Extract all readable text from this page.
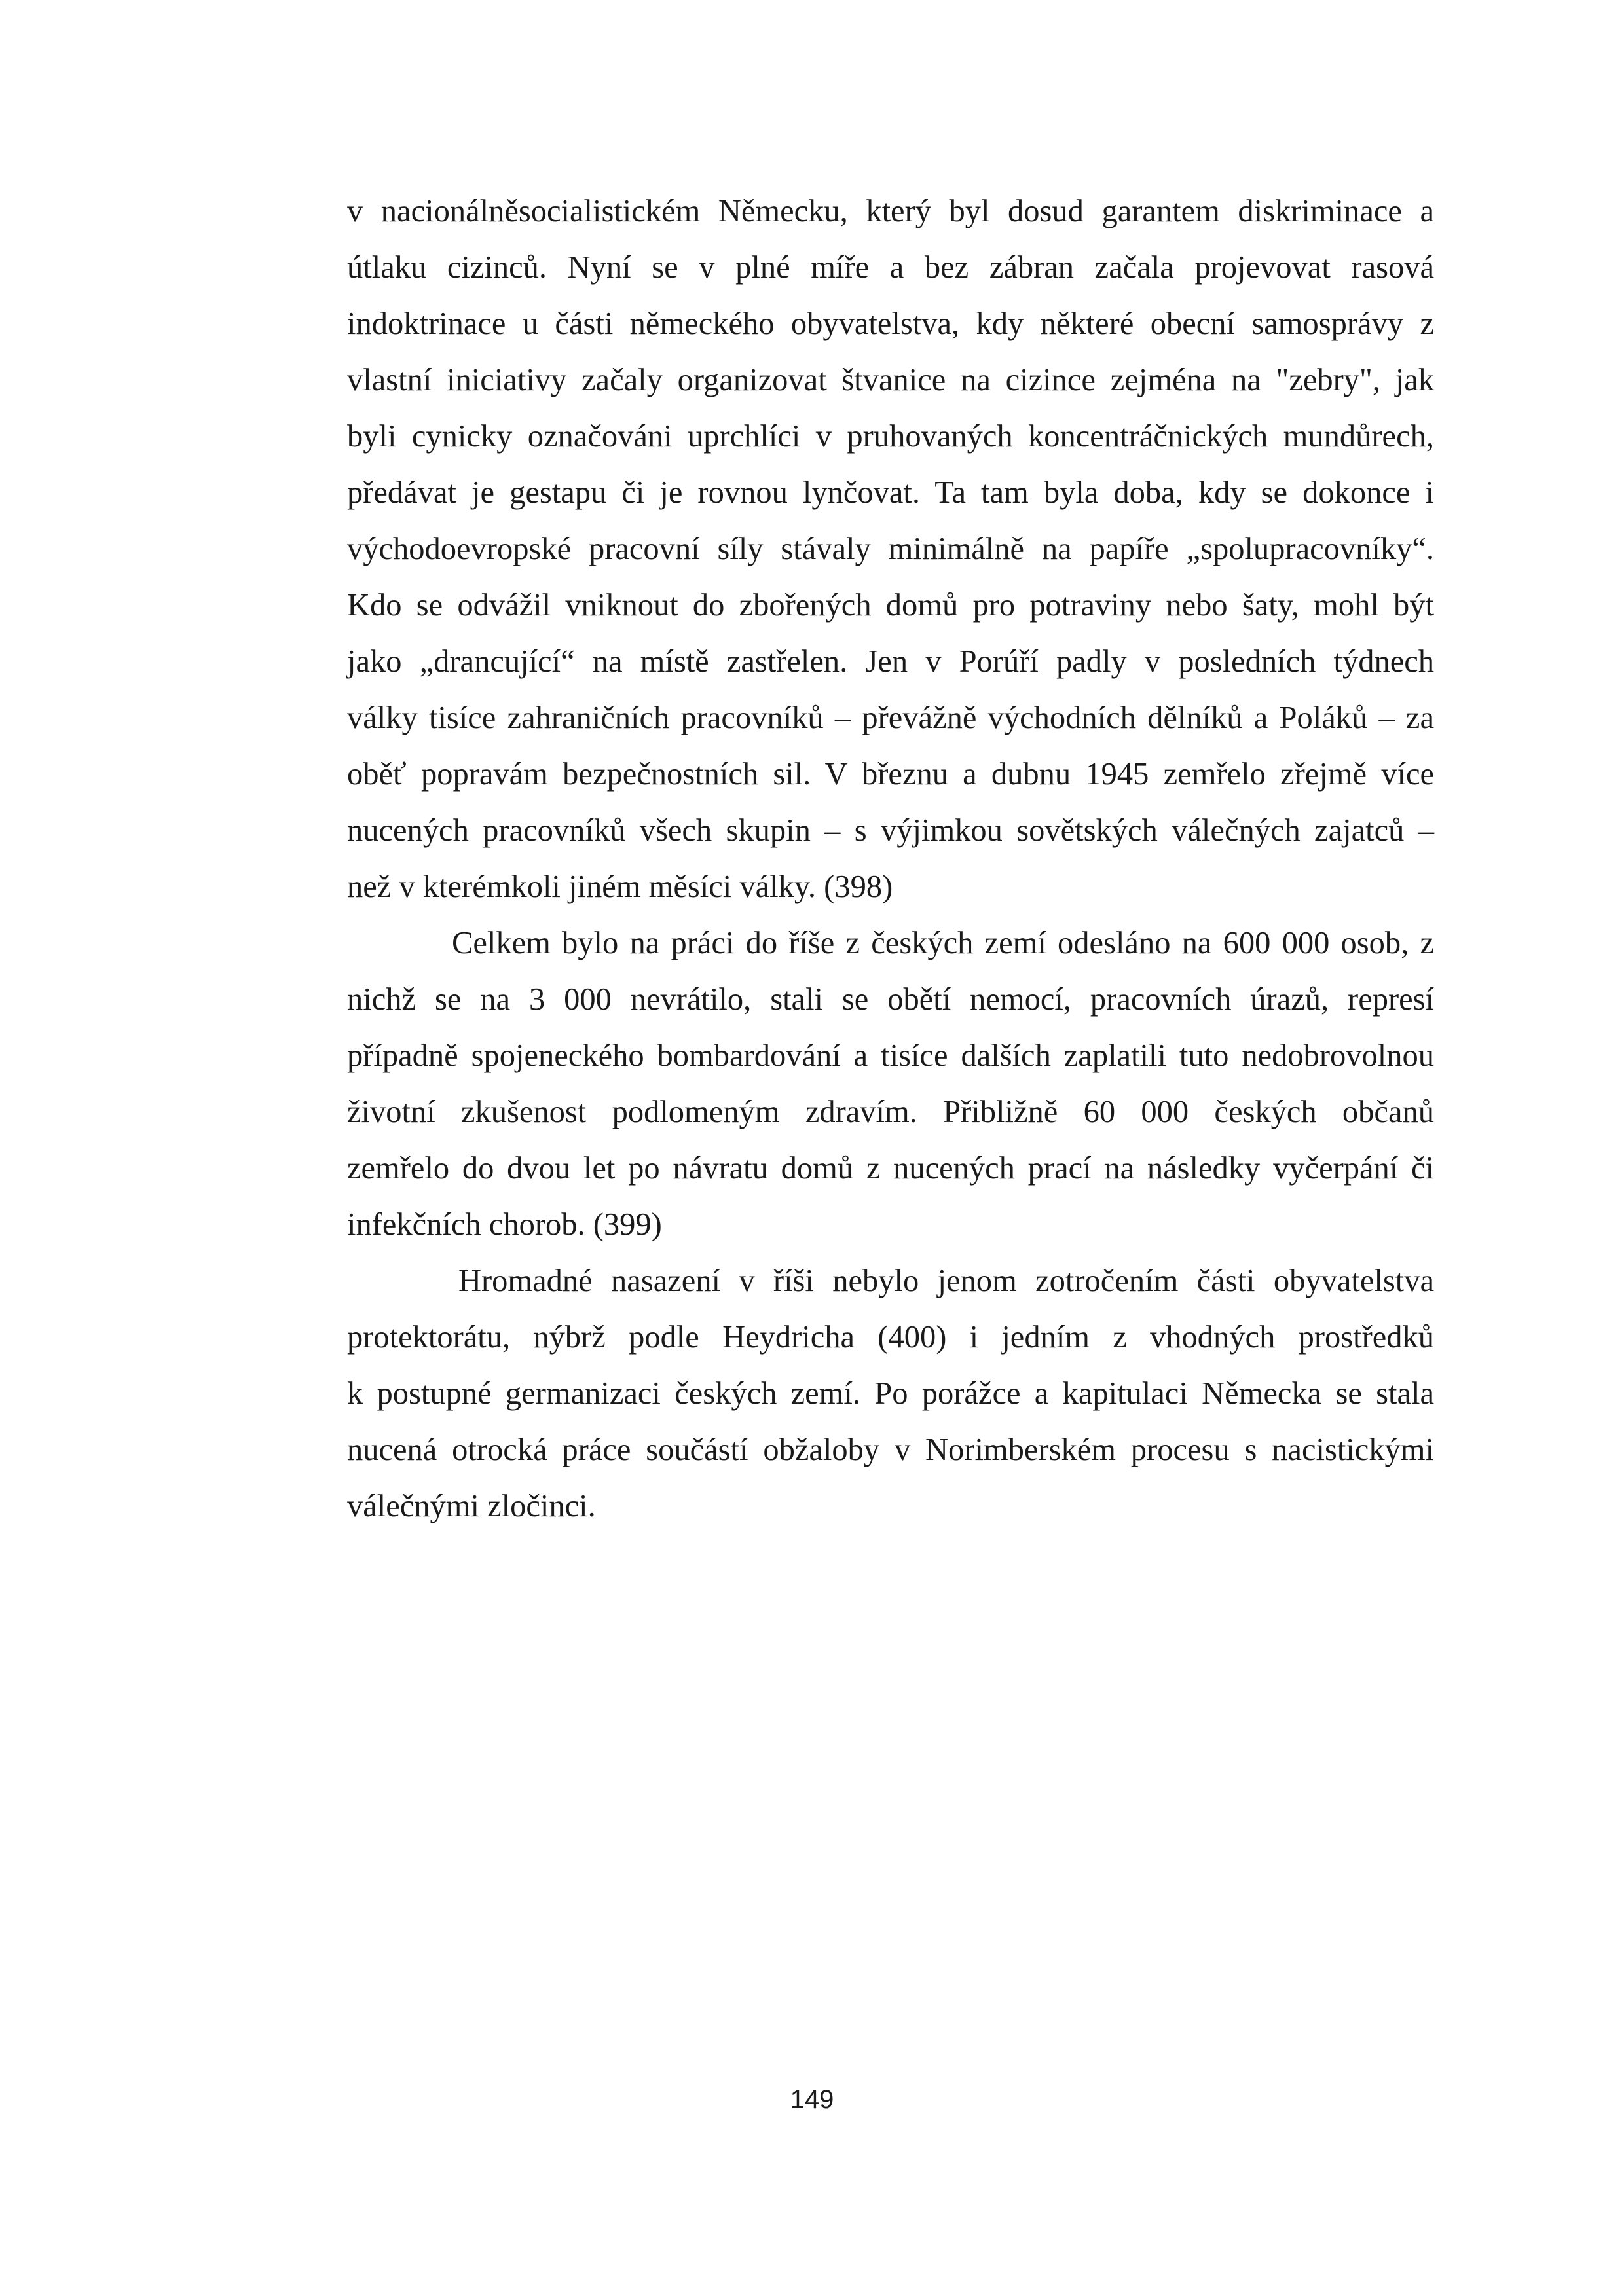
v nacionálněsocialistickém Německu, který byl dosud garantem diskriminace a
útlaku cizinců. Nyní se v plné míře a bez zábran začala projevovat rasová
indoktrinace u části německého obyvatelstva, kdy některé obecní samosprávy z
vlastní iniciativy začaly organizovat štvanice na cizince zejména na "zebry", jak
byli cynicky označováni uprchlíci v pruhovaných koncentráčnických mundůrech,
předávat je gestapu či je rovnou lynčovat. Ta tam byla doba, kdy se dokonce i
východoevropské pracovní síly stávaly minimálně na papíře „spolupracovníky“.
Kdo se odvážil vniknout do zbořených domů pro potraviny nebo šaty, mohl být
jako „drancující“ na místě zastřelen. Jen v Porúří padly v posledních týdnech
války tisíce zahraničních pracovníků – převážně východních dělníků a Poláků – za
oběť popravám bezpečnostních sil. V březnu a dubnu 1945 zemřelo zřejmě více
nucených pracovníků všech skupin – s výjimkou sovětských válečných zajatců –
než v kterémkoli jiném měsíci války. (398)
Celkem bylo na práci do říše z českých zemí odesláno na 600 000 osob, z
nichž se na 3 000 nevrátilo, stali se obětí nemocí, pracovních úrazů, represí
případně spojeneckého bombardování a tisíce dalších zaplatili tuto nedobrovolnou
životní zkušenost podlomeným zdravím. Přibližně 60 000 českých občanů
zemřelo do dvou let po návratu domů z nucených prací na následky vyčerpání či
infekčních chorob. (399)
Hromadné nasazení v říši nebylo jenom zotročením části obyvatelstva
protektorátu, nýbrž podle Heydricha (400) i jedním z vhodných prostředků
k postupné germanizaci českých zemí. Po porážce a kapitulaci Německa se stala
nucená otrocká práce součástí obžaloby v Norimberském procesu s nacistickými
válečnými zločinci.
149
